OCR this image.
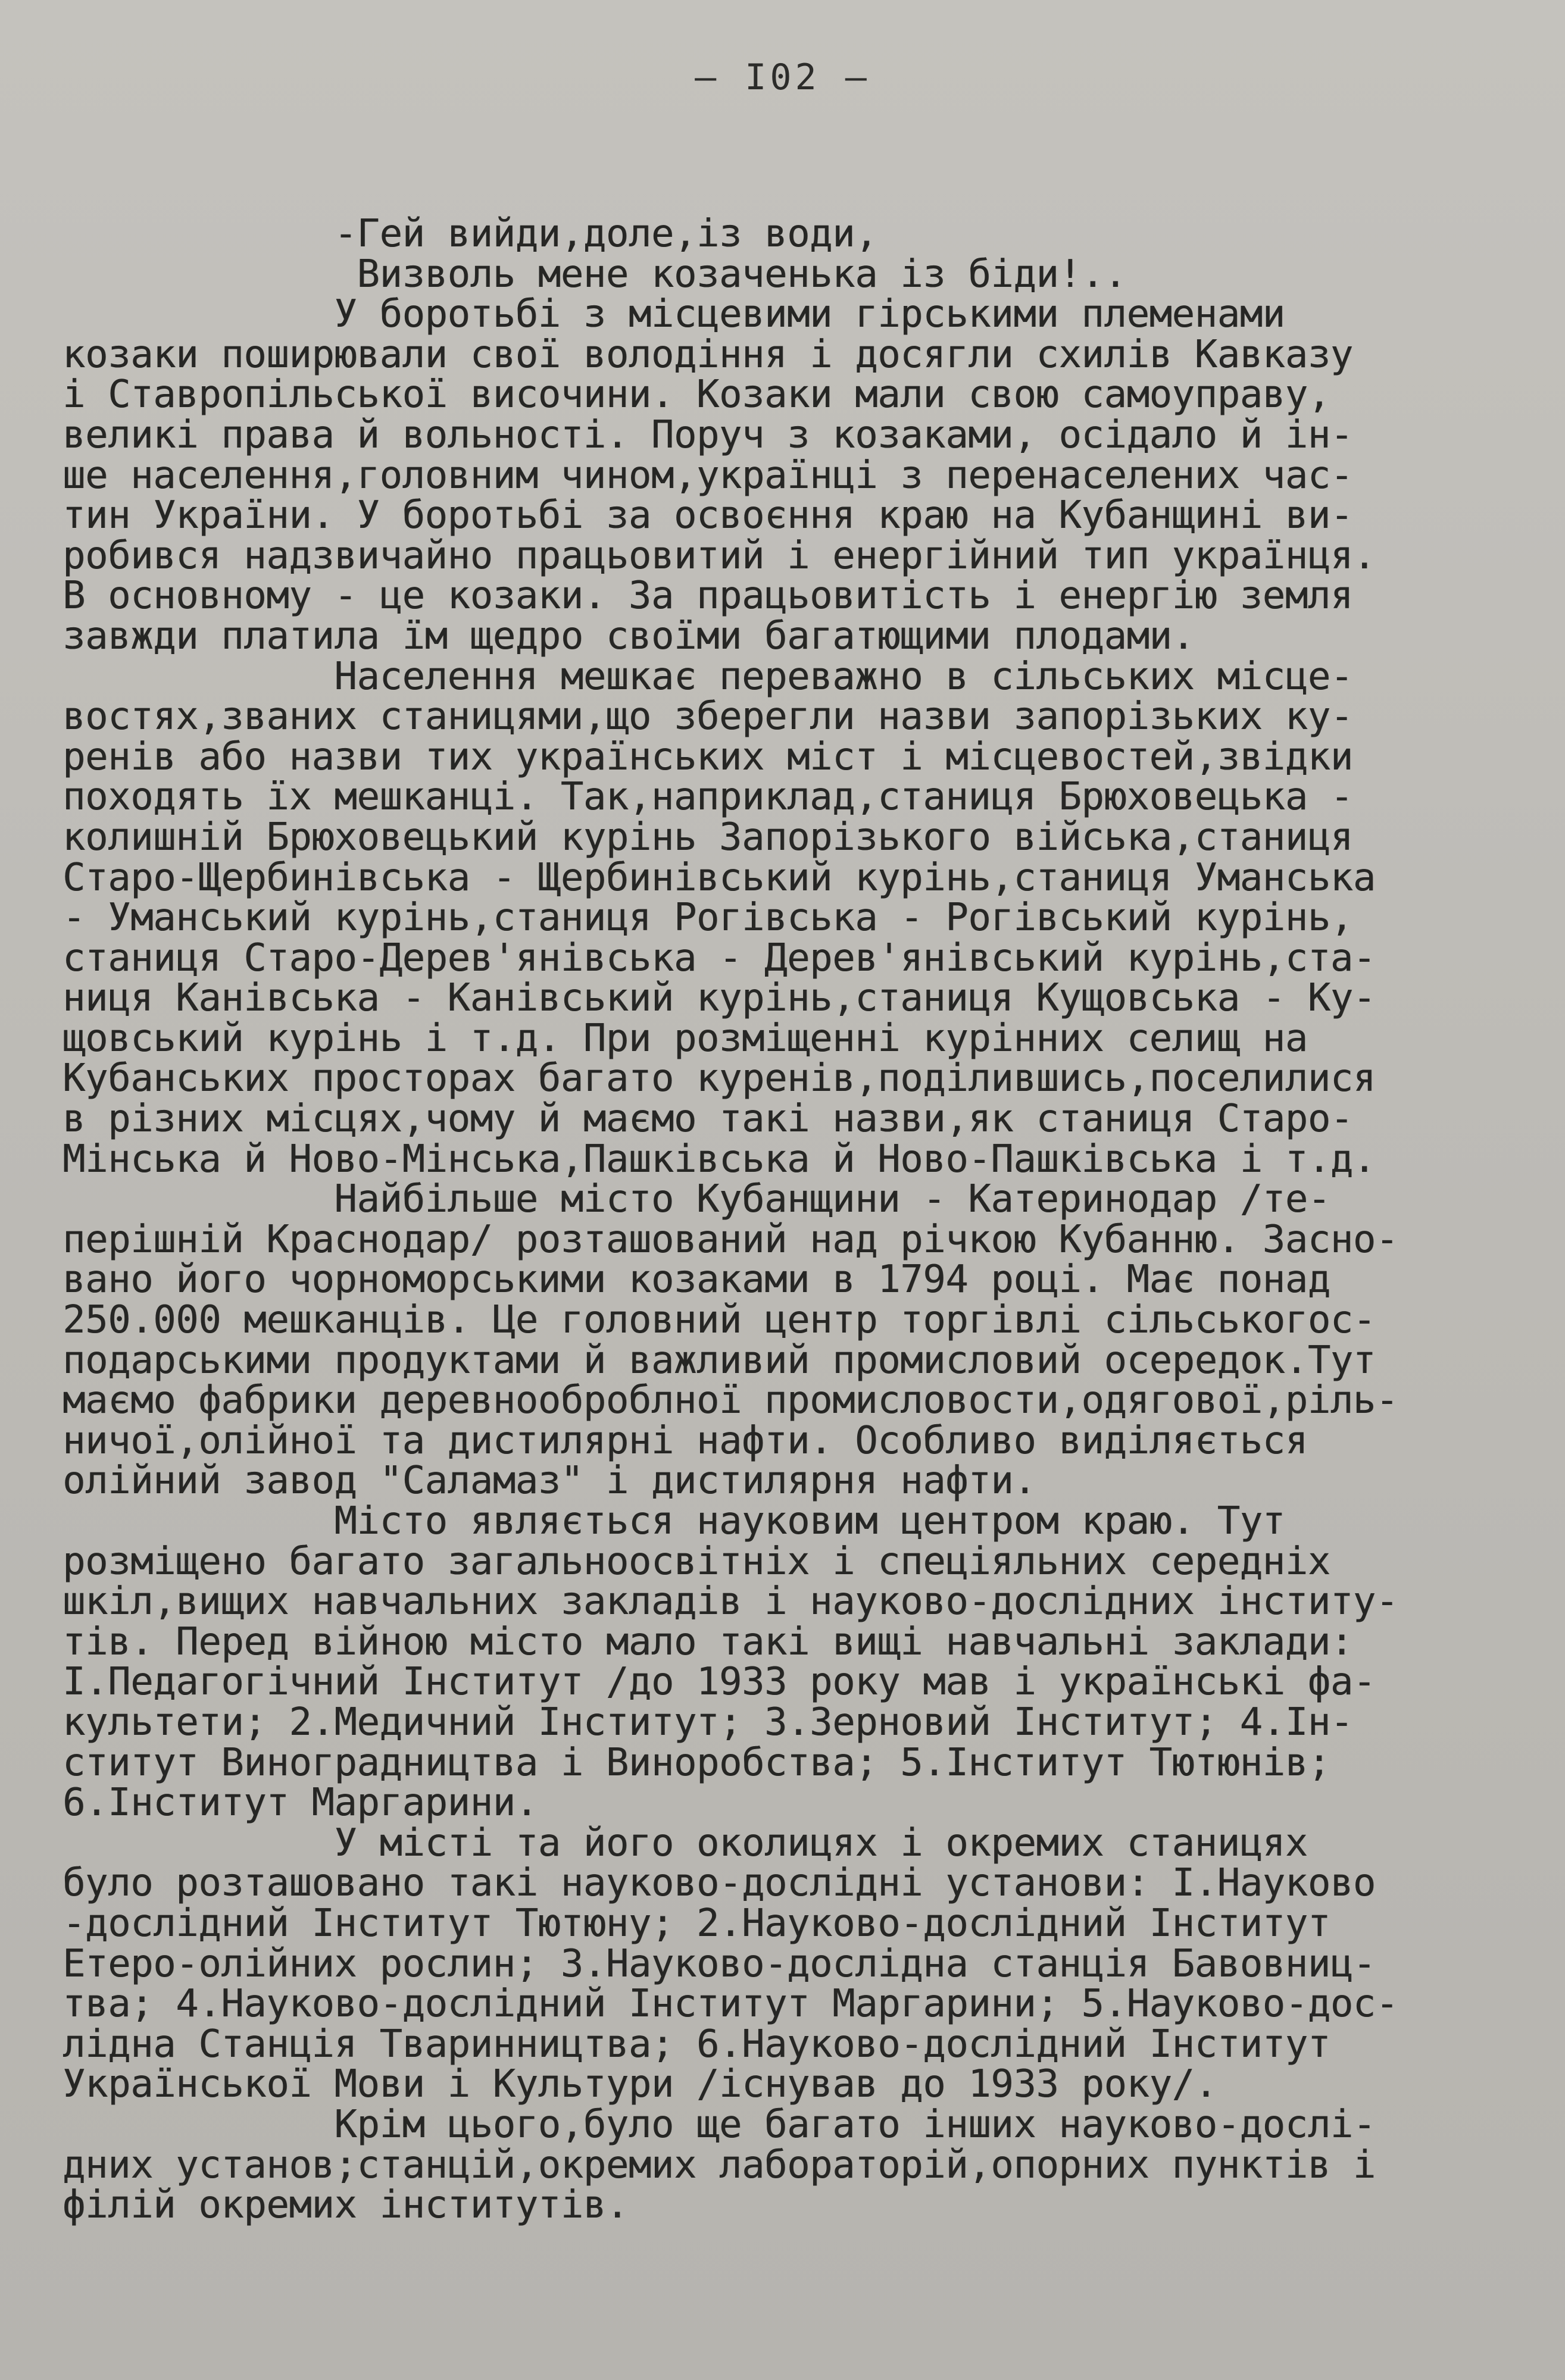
– I02 –
-Гей вийди,доле,із води,
Визволь мене козаченька із біди!..
У боротьбі з місцевими гірськими племенами
козаки поширювали свої володіння і досягли схилів Кавказу
і Ставропільської височини. Козаки мали свою самоуправу,
великі права й вольності. Поруч з козаками, осідало й ін-
ше населення,головним чином,українці з перенаселених час-
тин України. У боротьбі за освоєння краю на Кубанщині ви-
робився надзвичайно працьовитий і енергійний тип українця.
В основному - це козаки. За працьовитість і енергію земля
завжди платила їм щедро своїми багатющими плодами.
Населення мешкає переважно в сільських місце-
востях,званих станицями,що зберегли назви запорізьких ку-
ренів або назви тих українських міст і місцевостей,звідки
походять їх мешканці. Так,наприклад,станиця Брюховецька -
колишній Брюховецький курінь Запорізького війська,станиця
Старо-Щербинівська - Щербинівський курінь,станиця Уманська
- Уманський курінь,станиця Рогівська - Рогівський курінь,
станиця Старо-Дерев'янівська - Дерев'янівський курінь,ста-
ниця Канівська - Канівський курінь,станиця Кущовська - Ку-
щовський курінь і т.д. При розміщенні курінних селищ на
Кубанських просторах багато куренів,поділившись,поселилися
в різних місцях,чому й маємо такі назви,як станиця Старо-
Мінська й Ново-Мінська,Пашківська й Ново-Пашківська і т.д.
Найбільше місто Кубанщини - Катеринодар /те-
перішній Краснодар/ розташований над річкою Кубанню. Засно-
вано його чорноморськими козаками в 1794 році. Має понад
250.000 мешканців. Це головний центр торгівлі сільськогос-
подарськими продуктами й важливий промисловий осередок.Тут
маємо фабрики деревнооброблної промисловости,одягової,ріль-
ничої,олійної та дистилярні нафти. Особливо виділяється
олійний завод "Саламаз" і дистилярня нафти.
Місто являється науковим центром краю. Тут
розміщено багато загальноосвітніх і спеціяльних середніх
шкіл,вищих навчальних закладів і науково-дослідних інститу-
тів. Перед війною місто мало такі вищі навчальні заклади:
І.Педагогічний Інститут /до 1933 року мав і українські фа-
культети; 2.Медичний Інститут; 3.Зерновий Інститут; 4.Ін-
ститут Виноградництва і Виноробства; 5.Інститут Тютюнів;
6.Інститут Маргарини.
У місті та його околицях і окремих станицях
було розташовано такі науково-дослідні установи: І.Науково
-дослідний Інститут Тютюну; 2.Науково-дослідний Інститут
Етеро-олійних рослин; 3.Науково-дослідна станція Бавовниц-
тва; 4.Науково-дослідний Інститут Маргарини; 5.Науково-дос-
лідна Станція Тваринництва; 6.Науково-дослідний Інститут
Української Мови і Культури /існував до 1933 року/.
Крім цього,було ще багато інших науково-дослі-
дних установ;станцій,окремих лабораторій,опорних пунктів і
філій окремих інститутів.
